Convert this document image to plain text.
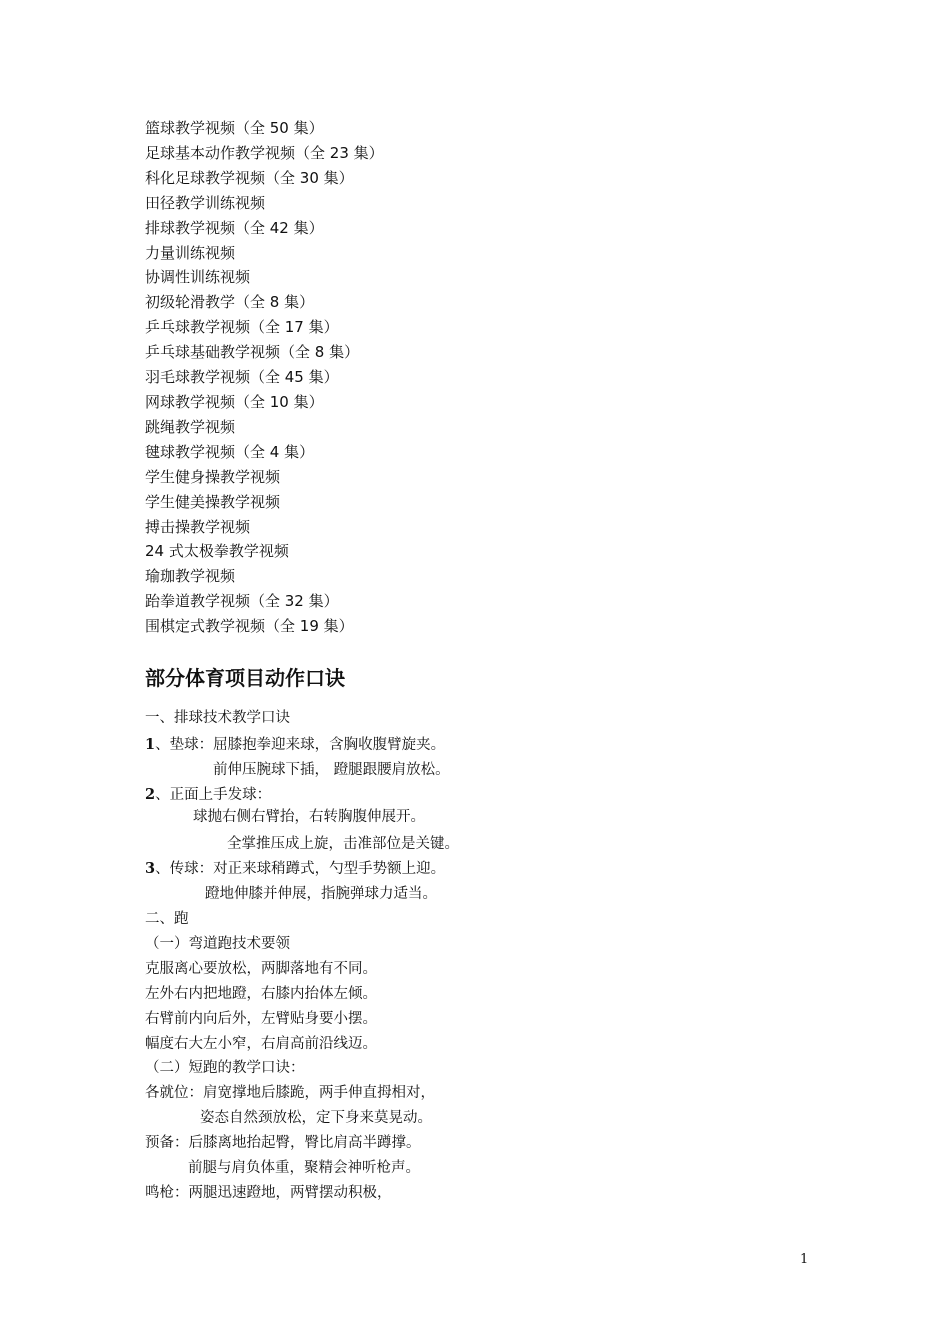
篮球教学视频（全 50 集）
足球基本动作教学视频（全 23 集）
科化足球教学视频（全 30 集）
田径教学训练视频
排球教学视频（全 42 集）
力量训练视频
协调性训练视频
初级轮滑教学（全 8 集）
乒乓球教学视频（全 17 集）
乒乓球基础教学视频（全 8 集）
羽毛球教学视频（全 45 集）
网球教学视频（全 10 集）
跳绳教学视频
毽球教学视频（全 4 集）
学生健身操教学视频
学生健美操教学视频
搏击操教学视频
24 式太极拳教学视频
瑜珈教学视频
跆拳道教学视频（全 32 集）
围棋定式教学视频（全 19 集）
部分体育项目动作口诀
一、排球技术教学口诀
1、垫球：屈膝抱拳迎来球，含胸收腹臂旋夹。
前伸压腕球下插， 蹬腿跟腰肩放松。
2、正面上手发球：
球抛右侧右臂抬，右转胸腹伸展开。
全掌推压成上旋，击准部位是关键。
3、传球：对正来球稍蹲式，勺型手势额上迎。
蹬地伸膝并伸展，指腕弹球力适当。
二、跑
（一）弯道跑技术要领
克服离心要放松，两脚落地有不同。
左外右内把地蹬，右膝内抬体左倾。
右臂前内向后外，左臂贴身要小摆。
幅度右大左小窄，右肩高前沿线迈。
（二）短跑的教学口诀：
各就位：肩宽撑地后膝跪，两手伸直拇相对，
姿态自然颈放松，定下身来莫晃动。
预备：后膝离地抬起臀，臀比肩高半蹲撑。
前腿与肩负体重，聚精会神听枪声。
鸣枪：两腿迅速蹬地，两臂摆动积极，
1
